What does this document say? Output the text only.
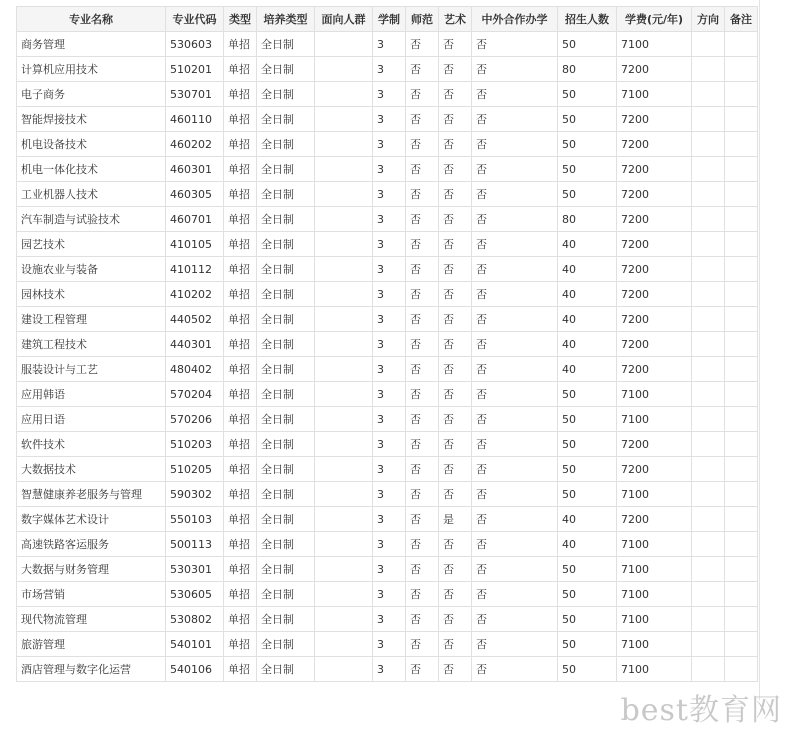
专业名称	专业代码	类型	培养类型	面向人群	学制	师范	艺术	中外合作办学	招生人数	学费(元/年)	方向	备注
商务管理	530603	单招	全日制		3	否	否	否	50	7100		
计算机应用技术	510201	单招	全日制		3	否	否	否	80	7200		
电子商务	530701	单招	全日制		3	否	否	否	50	7100		
智能焊接技术	460110	单招	全日制		3	否	否	否	50	7200		
机电设备技术	460202	单招	全日制		3	否	否	否	50	7200		
机电一体化技术	460301	单招	全日制		3	否	否	否	50	7200		
工业机器人技术	460305	单招	全日制		3	否	否	否	50	7200		
汽车制造与试验技术	460701	单招	全日制		3	否	否	否	80	7200		
园艺技术	410105	单招	全日制		3	否	否	否	40	7200		
设施农业与装备	410112	单招	全日制		3	否	否	否	40	7200		
园林技术	410202	单招	全日制		3	否	否	否	40	7200		
建设工程管理	440502	单招	全日制		3	否	否	否	40	7200		
建筑工程技术	440301	单招	全日制		3	否	否	否	40	7200		
服装设计与工艺	480402	单招	全日制		3	否	否	否	40	7200		
应用韩语	570204	单招	全日制		3	否	否	否	50	7100		
应用日语	570206	单招	全日制		3	否	否	否	50	7100		
软件技术	510203	单招	全日制		3	否	否	否	50	7200		
大数据技术	510205	单招	全日制		3	否	否	否	50	7200		
智慧健康养老服务与管理	590302	单招	全日制		3	否	否	否	50	7100		
数字媒体艺术设计	550103	单招	全日制		3	否	是	否	40	7200		
高速铁路客运服务	500113	单招	全日制		3	否	否	否	40	7100		
大数据与财务管理	530301	单招	全日制		3	否	否	否	50	7100		
市场营销	530605	单招	全日制		3	否	否	否	50	7100		
现代物流管理	530802	单招	全日制		3	否	否	否	50	7100		
旅游管理	540101	单招	全日制		3	否	否	否	50	7100		
酒店管理与数字化运营	540106	单招	全日制		3	否	否	否	50	7100		
best教育网
